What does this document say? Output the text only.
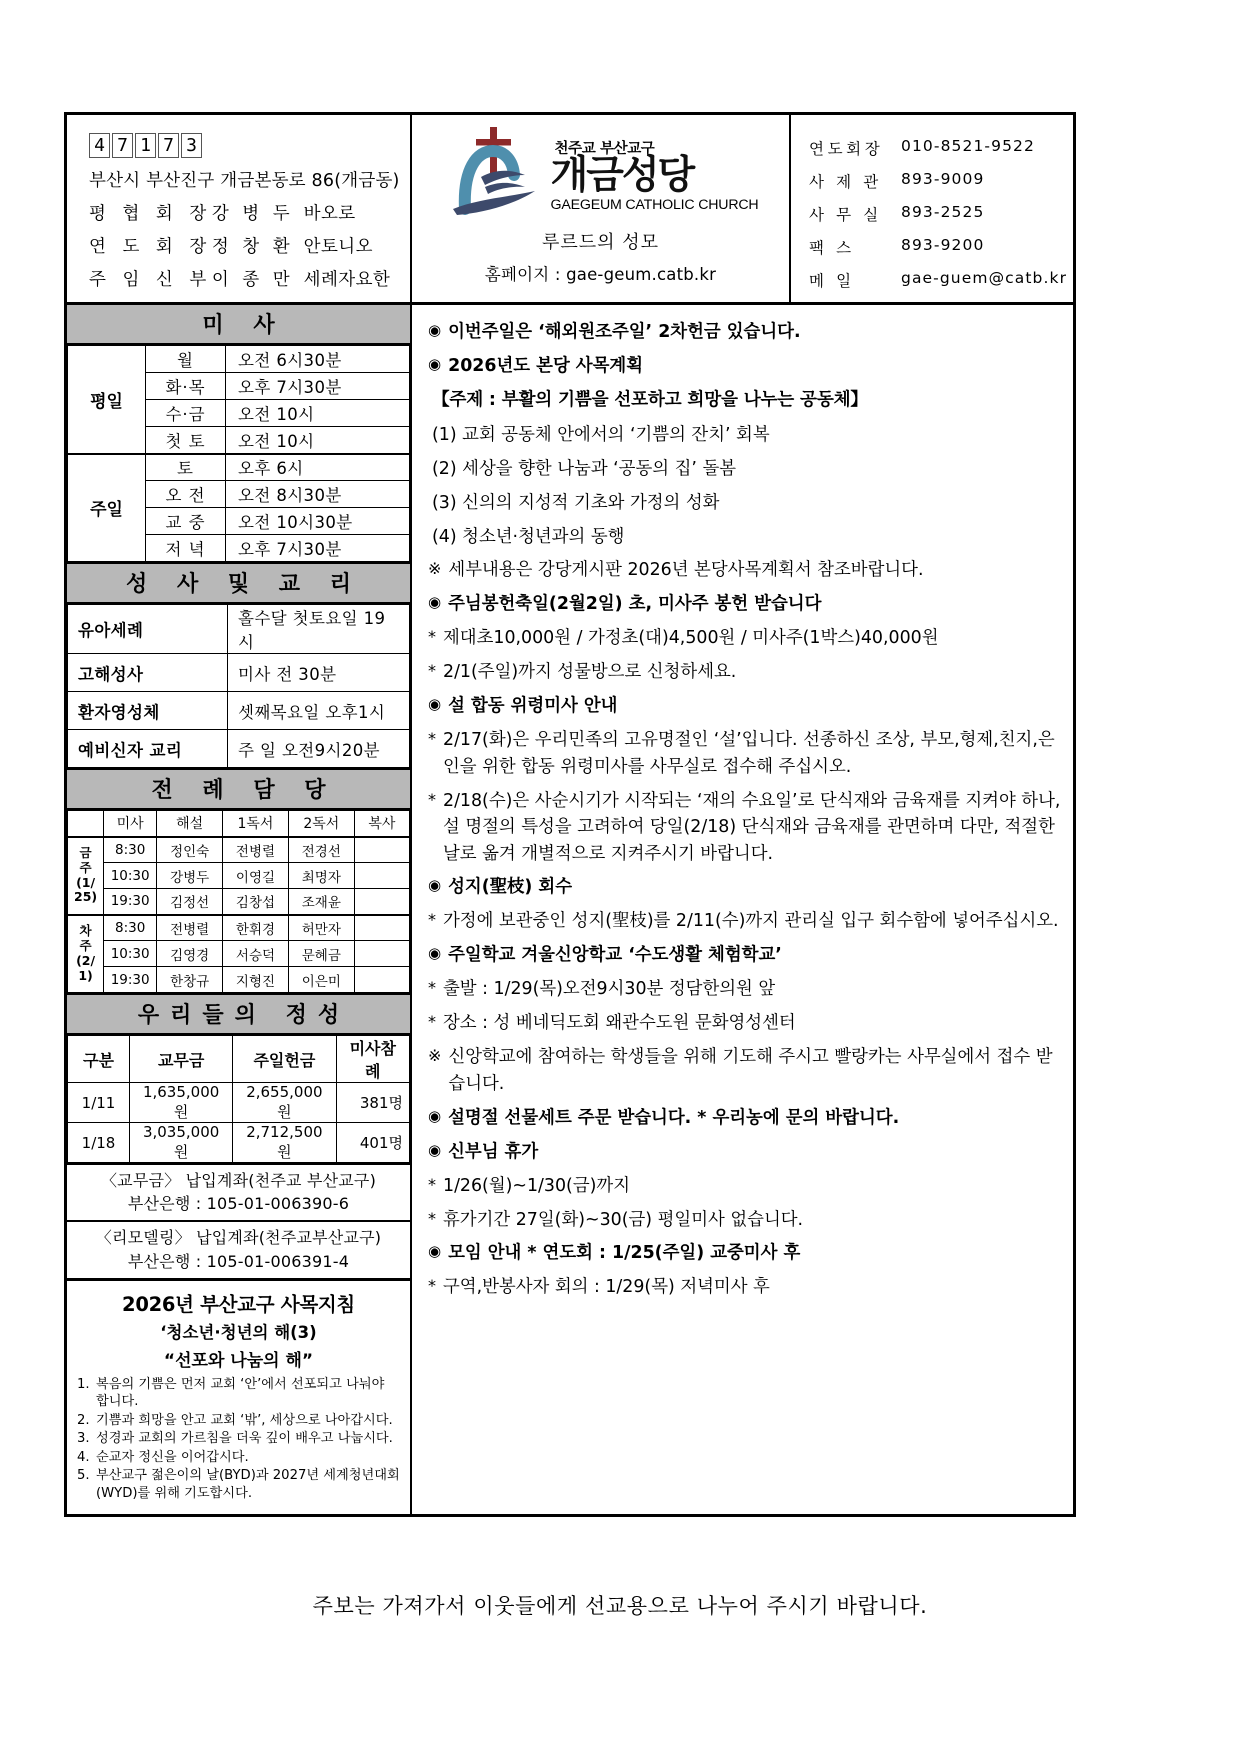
4 7 1 7 3
부산시 부산진구 개금본동로 86(개금동)
평 협 회 장 강 병 두 바오로
연 도 회 장 정 창 환 안토니오
주 임 신 부 이 종 만 세례자요한
천주교 부산교구
개금성당
GAEGEUM CATHOLIC CHURCH
루르드의 성모
홈페이지 : gae-geum.catb.kr
연도회장	010-8521-9522
사 제 관	893-9009
사 무 실	893-2525
팩 스	893-9200
메 일	gae-guem@catb.kr
미 사
평일	월	오전 6시30분
	화·목	오후 7시30분
	수·금	오전 10시
	첫 토	오전 10시
주일	토	오후 6시
	오 전	오전 8시30분
	교 중	오전 10시30분
	저 녁	오후 7시30분
성 사 및 교 리
유아세례	홀수달 첫토요일 19시
고해성사	미사 전 30분
환자영성체	셋째목요일 오후1시
예비신자 교리	주 일 오전9시20분
전 례 담 당
	미사	해설	1독서	2독서	복사
금
주
(1/
25)	8:30	정인숙	전병렬	전경선	
	10:30	강병두	이영길	최명자	
	19:30	김정선	김창섭	조재윤	
차
주
(2/
1)	8:30	전병렬	한휘경	허만자	
	10:30	김영경	서승덕	문혜금	
	19:30	한창규	지형진	이은미	
우리들의 정성
구분	교무금	주일헌금	미사참례
1/11	1,635,000원	2,655,000원	381명
1/18	3,035,000원	2,712,500원	401명
〈교무금〉 납입계좌(천주교 부산교구)
부산은행 : 105-01-006390-6
〈리모델링〉 납입계좌(천주교부산교구)
부산은행 : 105-01-006391-4
2026년 부산교구 사목지침
‘청소년·청년의 해(3)
“선포와 나눔의 해”
1. 복음의 기쁨은 먼저 교회 ‘안’에서 선포되고 나눠야 합니다.
2. 기쁨과 희망을 안고 교회 ‘밖’, 세상으로 나아갑시다.
3. 성경과 교회의 가르침을 더욱 깊이 배우고 나눕시다.
4. 순교자 정신을 이어갑시다.
5. 부산교구 젊은이의 날(BYD)과 2027년 세계청년대회(WYD)를 위해 기도합시다.
◉ 이번주일은 ‘해외원조주일’ 2차헌금 있습니다.
◉ 2026년도 본당 사목계획
【주제 : 부활의 기쁨을 선포하고 희망을 나누는 공동체】
(1) 교회 공동체 안에서의 ‘기쁨의 잔치’ 회복
(2) 세상을 향한 나눔과 ‘공동의 집’ 돌봄
(3) 신의의 지성적 기초와 가정의 성화
(4) 청소년·청년과의 동행
※ 세부내용은 강당게시판 2026년 본당사목계획서 참조바랍니다.
◉ 주님봉헌축일(2월2일) 초, 미사주 봉헌 받습니다
* 제대초10,000원 / 가정초(대)4,500원 / 미사주(1박스)40,000원
* 2/1(주일)까지 성물방으로 신청하세요.
◉ 설 합동 위령미사 안내
* 2/17(화)은 우리민족의 고유명절인 ‘설’입니다. 선종하신 조상, 부모,형제,친지,은인을 위한 합동 위령미사를 사무실로 접수해 주십시오.
* 2/18(수)은 사순시기가 시작되는 ‘재의 수요일’로 단식재와 금육재를 지켜야 하나, 설 명절의 특성을 고려하여 당일(2/18) 단식재와 금육재를 관면하며 다만, 적절한 날로 옮겨 개별적으로 지켜주시기 바랍니다.
◉ 성지(聖枝) 회수
* 가정에 보관중인 성지(聖枝)를 2/11(수)까지 관리실 입구 회수함에 넣어주십시오.
◉ 주일학교 겨울신앙학교 ‘수도생활 체험학교’
* 출발 : 1/29(목)오전9시30분 정담한의원 앞
* 장소 : 성 베네딕도회 왜관수도원 문화영성센터
※ 신앙학교에 참여하는 학생들을 위해 기도해 주시고 빨랑카는 사무실에서 접수 받습니다.
◉ 설명절 선물세트 주문 받습니다. * 우리농에 문의 바랍니다.
◉ 신부님 휴가
* 1/26(월)~1/30(금)까지
* 휴가기간 27일(화)~30(금) 평일미사 없습니다.
◉ 모임 안내 * 연도회 : 1/25(주일) 교중미사 후
* 구역,반봉사자 회의 : 1/29(목) 저녁미사 후
주보는 가져가서 이웃들에게 선교용으로 나누어 주시기 바랍니다.
